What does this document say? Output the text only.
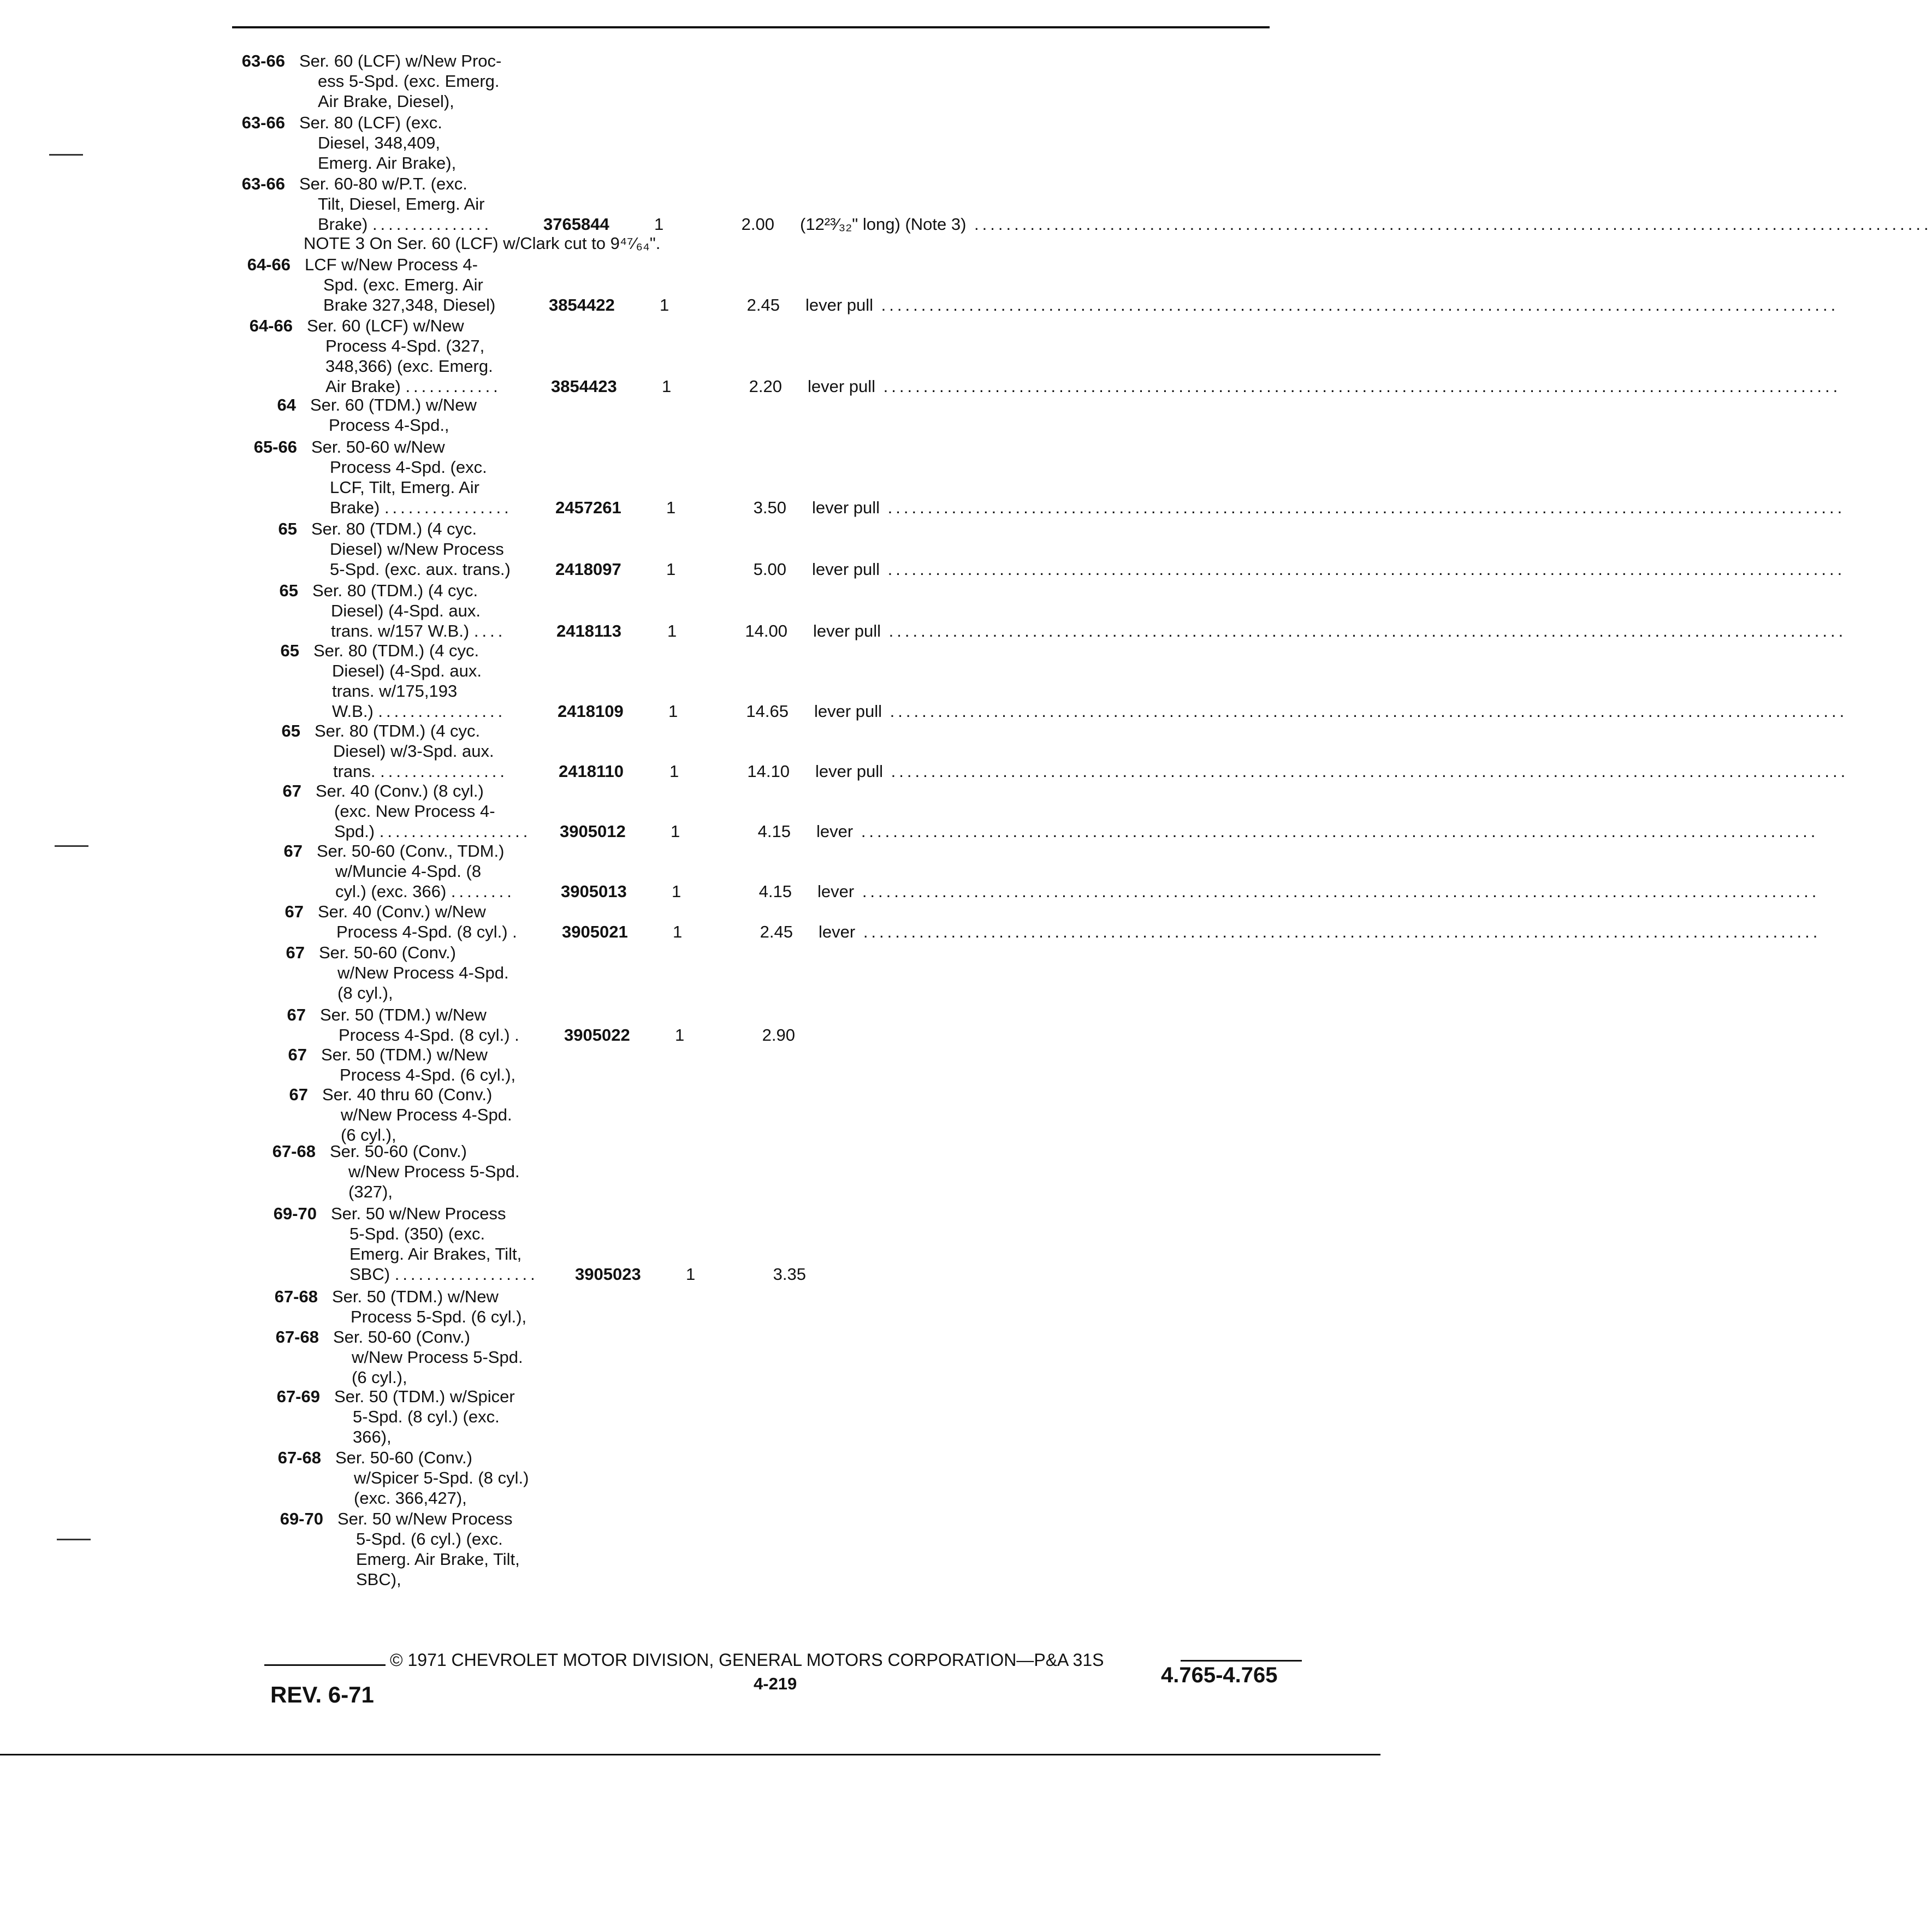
63-66 Ser. 60 (LCF) w/New Proc-
ess 5-Spd. (exc. Emerg.
Air Brake, Diesel),
63-66 Ser. 80 (LCF) (exc.
Diesel, 348,409,
Emerg. Air Brake),
63-66 Ser. 60-80 w/P.T. (exc.
Tilt, Diesel, Emerg. Air
Brake) ...............	3765844	1	2.00 (12²³⁄₃₂" long) (Note 3) ........................................................................................................................
64-66 LCF w/New Process 4-
Spd. (exc. Emerg. Air
Brake 327,348, Diesel)	3854422	1	2.45 lever pull ........................................................................................................................
64-66 Ser. 60 (LCF) w/New
Process 4-Spd. (327,
348,366) (exc. Emerg.
Air Brake) ............	3854423	1	2.20 lever pull ........................................................................................................................
64 Ser. 60 (TDM.) w/New
Process 4-Spd.,
65-66 Ser. 50-60 w/New
Process 4-Spd. (exc.
LCF, Tilt, Emerg. Air
Brake) ................	2457261	1	3.50 lever pull ........................................................................................................................
65 Ser. 80 (TDM.) (4 cyc.
Diesel) w/New Process
5-Spd. (exc. aux. trans.)	2418097	1	5.00 lever pull ........................................................................................................................
65 Ser. 80 (TDM.) (4 cyc.
Diesel) (4-Spd. aux.
trans. w/157 W.B.) ....	2418113	1	14.00 lever pull ........................................................................................................................
65 Ser. 80 (TDM.) (4 cyc.
Diesel) (4-Spd. aux.
trans. w/175,193
W.B.) ................	2418109	1	14.65 lever pull ........................................................................................................................
65 Ser. 80 (TDM.) (4 cyc.
Diesel) w/3-Spd. aux.
trans. ................	2418110	1	14.10 lever pull ........................................................................................................................
67 Ser. 40 (Conv.) (8 cyl.)
(exc. New Process 4-
Spd.) ...................	3905012	1	4.15 lever ........................................................................................................................
67 Ser. 50-60 (Conv., TDM.)
w/Muncie 4-Spd. (8
cyl.) (exc. 366) ........	3905013	1	4.15 lever ........................................................................................................................
67 Ser. 40 (Conv.) w/New
Process 4-Spd. (8 cyl.) .	3905021	1	2.45 lever ........................................................................................................................
67 Ser. 50-60 (Conv.)
w/New Process 4-Spd.
(8 cyl.),
67 Ser. 50 (TDM.) w/New
Process 4-Spd. (8 cyl.) .	3905022	1	2.90
67 Ser. 50 (TDM.) w/New
Process 4-Spd. (6 cyl.),
67 Ser. 40 thru 60 (Conv.)
w/New Process 4-Spd.
(6 cyl.),
67-68 Ser. 50-60 (Conv.)
w/New Process 5-Spd.
(327),
69-70 Ser. 50 w/New Process
5-Spd. (350) (exc.
Emerg. Air Brakes, Tilt,
SBC) ..................	3905023	1	3.35
67-68 Ser. 50 (TDM.) w/New
Process 5-Spd. (6 cyl.),
67-68 Ser. 50-60 (Conv.)
w/New Process 5-Spd.
(6 cyl.),
67-69 Ser. 50 (TDM.) w/Spicer
5-Spd. (8 cyl.) (exc.
366),
67-68 Ser. 50-60 (Conv.)
w/Spicer 5-Spd. (8 cyl.)
(exc. 366,427),
69-70 Ser. 50 w/New Process
5-Spd. (6 cyl.) (exc.
Emerg. Air Brake, Tilt,
SBC),
NOTE 3 On Ser. 60 (LCF) w/Clark cut to 9⁴⁷⁄₆₄".
© 1971 CHEVROLET MOTOR DIVISION, GENERAL MOTORS CORPORATION—P&A 31S
4-219
REV. 6-71
4.765-4.765
